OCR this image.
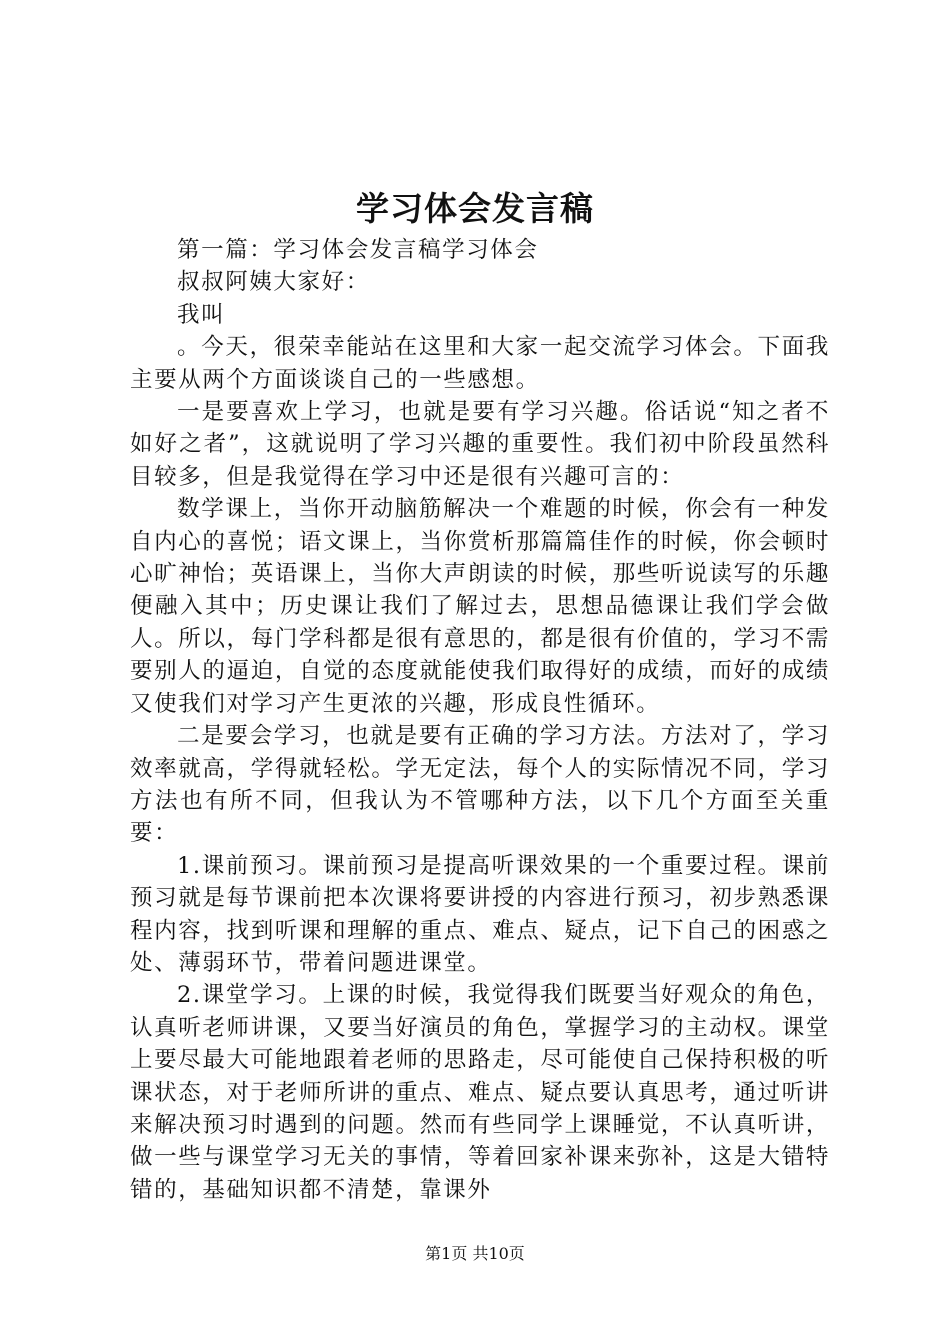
学习体会发言稿

第一篇：学习体会发言稿学习体会

叔叔阿姨大家好：

我叫

。今天，很荣幸能站在这里和大家一起交流学习体会。下面我主要从两个方面谈谈自己的一些感想。

一是要喜欢上学习，也就是要有学习兴趣。俗话说“知之者不如好之者”，这就说明了学习兴趣的重要性。我们初中阶段虽然科目较多，但是我觉得在学习中还是很有兴趣可言的：

数学课上，当你开动脑筋解决一个难题的时候，你会有一种发自内心的喜悦；语文课上，当你赏析那篇篇佳作的时候，你会顿时心旷神怡；英语课上，当你大声朗读的时候，那些听说读写的乐趣便融入其中；历史课让我们了解过去，思想品德课让我们学会做人。所以，每门学科都是很有意思的，都是很有价值的，学习不需要别人的逼迫，自觉的态度就能使我们取得好的成绩，而好的成绩又使我们对学习产生更浓的兴趣，形成良性循环。

二是要会学习，也就是要有正确的学习方法。方法对了，学习效率就高，学得就轻松。学无定法，每个人的实际情况不同，学习方法也有所不同，但我认为不管哪种方法，以下几个方面至关重要：

1.课前预习。课前预习是提高听课效果的一个重要过程。课前预习就是每节课前把本次课将要讲授的内容进行预习，初步熟悉课程内容，找到听课和理解的重点、难点、疑点，记下自己的困惑之处、薄弱环节，带着问题进课堂。

2.课堂学习。上课的时候，我觉得我们既要当好观众的角色，认真听老师讲课，又要当好演员的角色，掌握学习的主动权。课堂上要尽最大可能地跟着老师的思路走，尽可能使自己保持积极的听课状态，对于老师所讲的重点、难点、疑点要认真思考，通过听讲来解决预习时遇到的问题。然而有些同学上课睡觉，不认真听讲，做一些与课堂学习无关的事情，等着回家补课来弥补，这是大错特错的，基础知识都不清楚，靠课外

第1页 共10页
